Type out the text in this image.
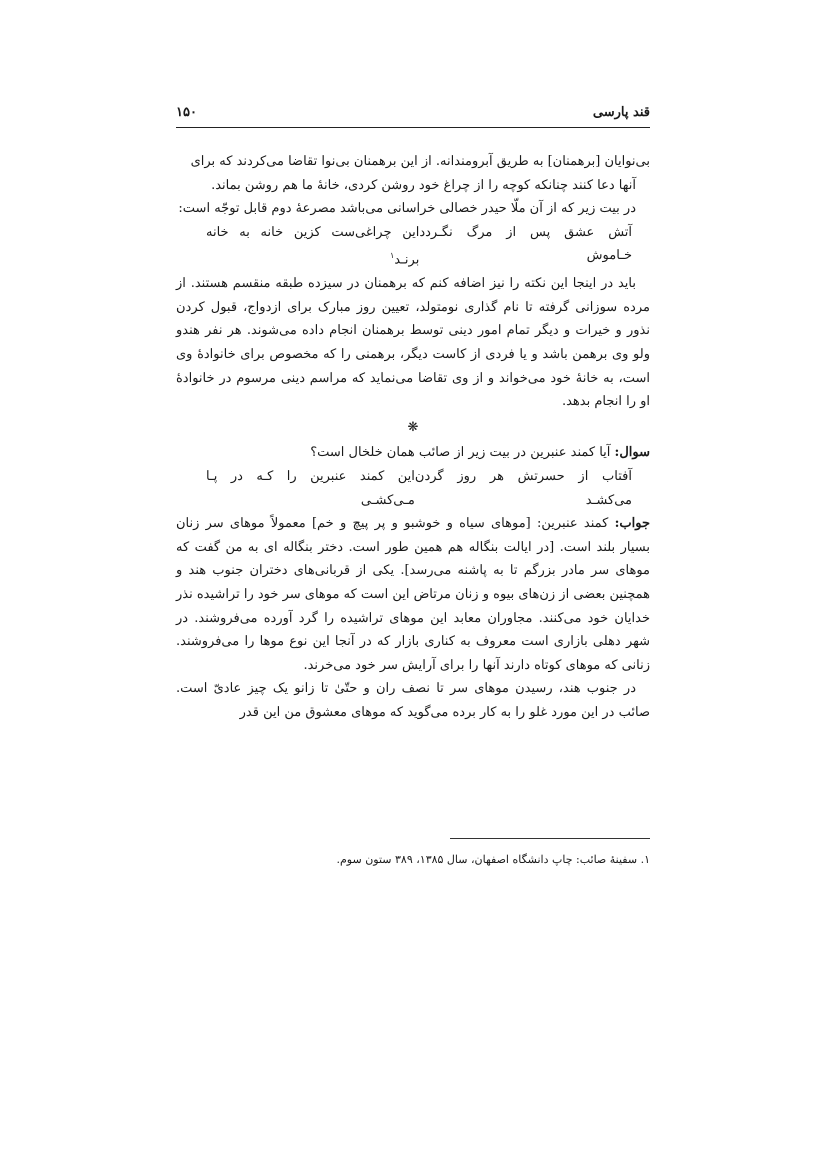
قند پارسی
۱۵۰

بی‌نوایان [برهمنان] به طریق آبرومندانه. از این برهمنان بی‌نوا تقاضا می‌کردند که برای

آنها دعا کنند چنانکه کوچه را از چراغ خود روشن کردی، خانهٔ ما هم روشن بماند.

در بیت زیر که از آن ملّا حیدر خصالی خراسانی می‌باشد مصرعهٔ دوم قابل توجّه است:

آتش عشق پس از مرگ نگـردد خـاموش
این چراغی‌ست کزین خانه به خانه برنـد$^۱$

باید در اینجا این نکته را نیز اضافه کنم که برهمنان در سیزده طبقه منقسم هستند. از مرده سوزانی گرفته تا نام گذاری نومتولد، تعیین روز مبارک برای ازدواج، قبول کردن نذور و خیرات و دیگر تمام امور دینی توسط برهمنان انجام داده می‌شوند. هر نفر هندو ولو وی برهمن باشد و یا فردی از کاست دیگر، برهمنی را که مخصوص برای خانوادهٔ وی است، به خانهٔ خود می‌خواند و از وی تقاضا می‌نماید که مراسم دینی مرسوم در خانوادهٔ او را انجام بدهد.

❋

سوال: آیا کمند عنبرین در بیت زیر از صائب همان خلخال است؟

آفتاب از حسرتش هر روز گردن می‌کشـد
این کمند عنبرین را کـه در پـا مـی‌کشـی

جواب: کمند عنبرین: [موهای سیاه و خوشبو و پر پیچ و خم] معمولاً موهای سر زنان بسیار بلند است. [در ایالت بنگاله هم همین طور است. دختر بنگاله ای به من گفت که موهای سر مادر بزرگم تا به پاشنه می‌رسد]. یکی از قربانی‌های دختران جنوب هند و همچنین بعضی از زن‌های بیوه و زنان مرتاض این است که موهای سر خود را تراشیده نذر خدایان خود می‌کنند. مجاوران معابد این موهای تراشیده را گرد آورده می‌فروشند. در شهر دهلی بازاری است معروف به کناری بازار که در آنجا این نوع موها را می‌فروشند. زنانی که موهای کوتاه دارند آنها را برای آرایش سر خود می‌خرند.

در جنوب هند، رسیدن موهای سر تا نصف ران و حتّیٰ تا زانو یک چیز عادیّ است. صائب در این مورد غلو را به کار برده می‌گوید که موهای معشوق من این قدر

۱. سفینهٔ صائب: چاپ دانشگاه اصفهان، سال ۱۳۸۵، ۳۸۹ ستون سوم.
